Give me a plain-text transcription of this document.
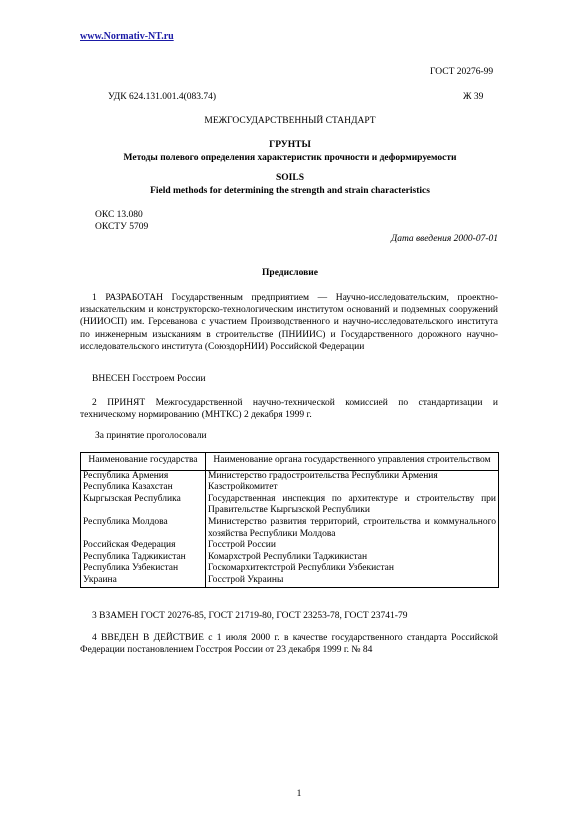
www.Normativ-NT.ru
ГОСТ 20276-99
УДК 624.131.001.4(083.74)	Ж 39
МЕЖГОСУДАРСТВЕННЫЙ СТАНДАРТ
ГРУНТЫ
Методы полевого определения характеристик прочности и деформируемости
SOILS
Field methods for determining the strength and strain characteristics
ОКС 13.080
ОКСТУ 5709
Дата введения 2000-07-01
Предисловие
1 РАЗРАБОТАН Государственным предприятием — Научно-исследовательским, проектно-изыскательским и конструкторско-технологическим институтом оснований и подземных сооружений (НИИОСП) им. Герсеванова с участием Производственного и научно-исследовательского института по инженерным изысканиям в строительстве (ПНИИИС) и Государственного дорожного научно-исследовательского института (СоюздорНИИ) Российской Федерации
ВНЕСЕН Госстроем России
2 ПРИНЯТ Межгосударственной научно-технической комиссией по стандартизации и техническому нормированию (МНТКС) 2 декабря 1999 г.
За принятие проголосовали
Наименование государства	Наименование органа государственного управления строительством
Республика Армения	Министерство градостроительства Республики Армения
Республика Казахстан	Казстройкомитет
Кыргызская Республика	Государственная инспекция по архитектуре и строительству при Правительстве Кыргызской Республики
Республика Молдова	Министерство развития территорий, строительства и коммунального хозяйства Республики Молдова
Российская Федерация	Госстрой России
Республика Таджикистан	Комархстрой Республики Таджикистан
Республика Узбекистан	Госкомархитектстрой Республики Узбекистан
Украина	Госстрой Украины
3 ВЗАМЕН ГОСТ 20276-85, ГОСТ 21719-80, ГОСТ 23253-78, ГОСТ 23741-79
4 ВВЕДЕН В ДЕЙСТВИЕ с 1 июля 2000 г. в качестве государственного стандарта Российской Федерации постановлением Госстроя России от 23 декабря 1999 г. № 84
1
